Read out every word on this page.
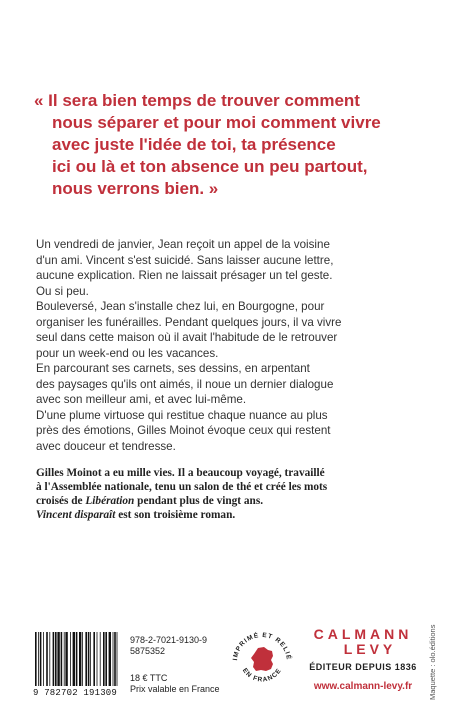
« Il sera bien temps de trouver comment
nous séparer et pour moi comment vivre
avec juste l'idée de toi, ta présence
ici ou là et ton absence un peu partout,
nous verrons bien. »
Un vendredi de janvier, Jean reçoit un appel de la voisine
d'un ami. Vincent s'est suicidé. Sans laisser aucune lettre,
aucune explication. Rien ne laissait présager un tel geste.
Ou si peu.
Bouleversé, Jean s'installe chez lui, en Bourgogne, pour
organiser les funérailles. Pendant quelques jours, il va vivre
seul dans cette maison où il avait l'habitude de le retrouver
pour un week-end ou les vacances.
En parcourant ses carnets, ses dessins, en arpentant
des paysages qu'ils ont aimés, il noue un dernier dialogue
avec son meilleur ami, et avec lui-même.
D'une plume virtuose qui restitue chaque nuance au plus
près des émotions, Gilles Moinot évoque ceux qui restent
avec douceur et tendresse.
Gilles Moinot a eu mille vies. Il a beaucoup voyagé, travaillé
à l'Assemblée nationale, tenu un salon de thé et créé les mots
croisés de Libération pendant plus de vingt ans.
Vincent disparaît est son troisième roman.
9 782702 191309
978-2-7021-9130-9
5875352
18 € TTC
Prix valable en France
IMPRIMÉ ET RELIÉ
EN FRANCE
CALMANN
LEVY
ÉDITEUR DEPUIS 1836
www.calmann-levy.fr	Maquette : olo.éditions
